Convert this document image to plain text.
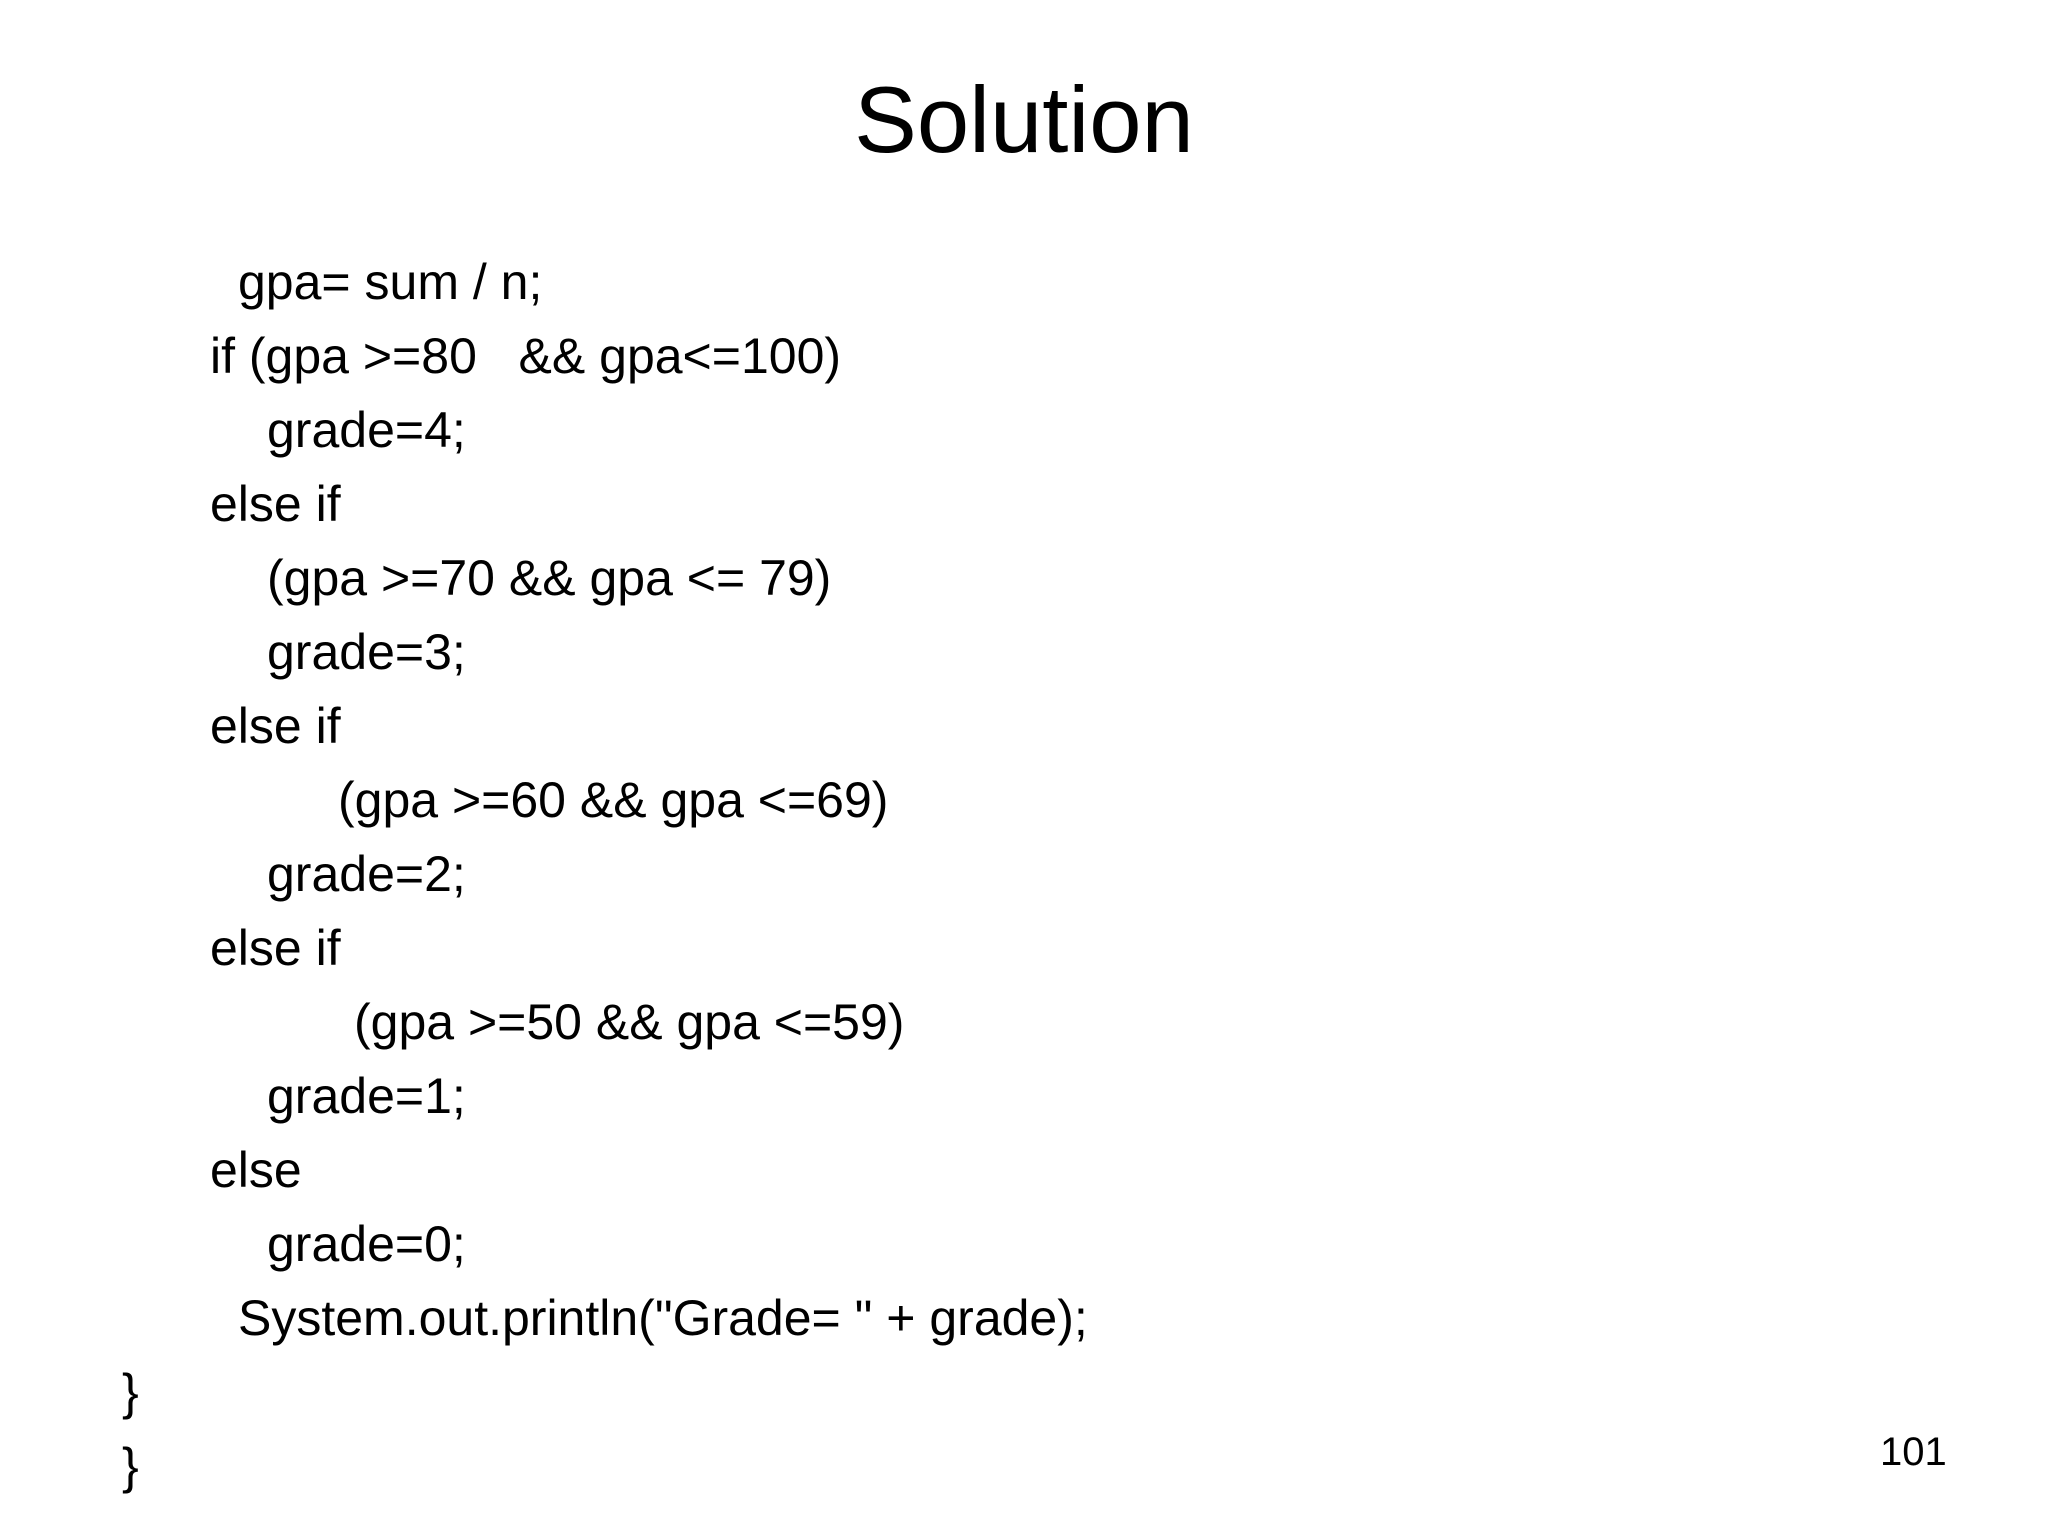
Solution
gpa= sum / n;
if (gpa >=80   && gpa<=100)
grade=4;
else if
(gpa >=70 && gpa <= 79)
grade=3;
else if
(gpa >=60 && gpa <=69)
grade=2;
else if
(gpa >=50 && gpa <=59)
grade=1;
else
grade=0;
System.out.println("Grade= " + grade);
}
}	101
